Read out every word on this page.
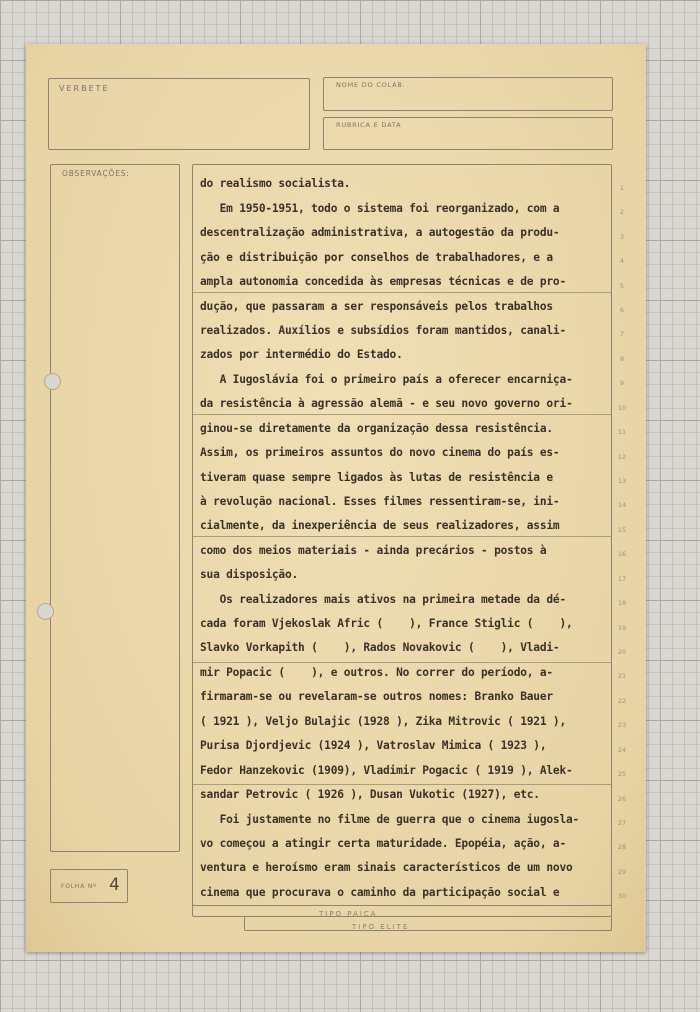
VERBETE	NOME DO COLAB.
RUBRICA E DATA
OBSERVAÇÕES:
FOLHA Nº 4
TIPO PAICA
TIPO ELITE
do realismo socialista.
Em 1950-1951, todo o sistema foi reorganizado, com a
descentralização administrativa, a autogestão da produ-
ção e distribuição por conselhos de trabalhadores, e a
ampla autonomia concedida às empresas técnicas e de pro-
dução, que passaram a ser responsáveis pelos trabalhos
realizados. Auxílios e subsídios foram mantidos, canali-
zados por intermédio do Estado.
A Iugoslávia foi o primeiro país a oferecer encarniça-
da resistência à agressão alemã - e seu novo governo ori-
ginou-se diretamente da organização dessa resistência.
Assim, os primeiros assuntos do novo cinema do país es-
tiveram quase sempre ligados às lutas de resistência e
à revolução nacional. Esses filmes ressentiram-se, ini-
cialmente, da inexperiência de seus realizadores, assim
como dos meios materiais - ainda precários - postos à
sua disposição.
Os realizadores mais ativos na primeira metade da dé-
cada foram Vjekoslak Afric (    ), France Stiglic (    ),
Slavko Vorkapith (    ), Rados Novakovic (    ), Vladi-
mir Popacic (    ), e outros. No correr do período, a-
firmaram-se ou revelaram-se outros nomes: Branko Bauer
( 1921 ), Veljo Bulajic (1928 ), Zika Mitrovic ( 1921 ),
Purisa Djordjevic (1924 ), Vatroslav Mimica ( 1923 ),
Fedor Hanzekovic (1909), Vladimir Pogacic ( 1919 ), Alek-
sandar Petrovic ( 1926 ), Dusan Vukotic (1927), etc.
Foi justamente no filme de guerra que o cinema iugosla-
vo começou a atingir certa maturidade. Epopéia, ação, a-
ventura e heroísmo eram sinais característicos de um novo
cinema que procurava o caminho da participação social e
1
2
3
4
5
6
7
8
9
10
11
12
13
14
15
16
17
18
19
20
21
22
23
24
25
26
27
28
29
30
